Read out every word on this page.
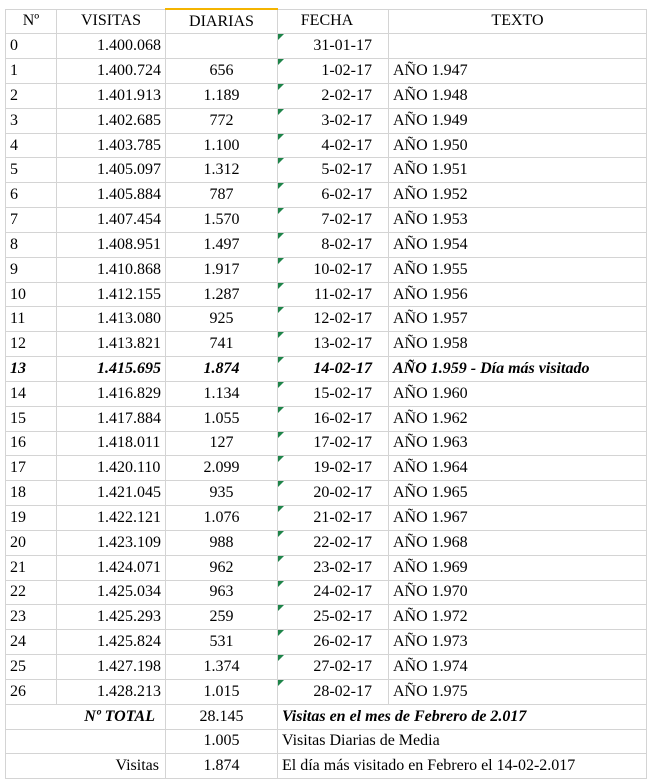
Nº	VISITAS	DIARIAS	FECHA	TEXTO
0	1.400.068		31-01-17	
1	1.400.724	656	1-02-17	AÑO 1.947
2	1.401.913	1.189	2-02-17	AÑO 1.948
3	1.402.685	772	3-02-17	AÑO 1.949
4	1.403.785	1.100	4-02-17	AÑO 1.950
5	1.405.097	1.312	5-02-17	AÑO 1.951
6	1.405.884	787	6-02-17	AÑO 1.952
7	1.407.454	1.570	7-02-17	AÑO 1.953
8	1.408.951	1.497	8-02-17	AÑO 1.954
9	1.410.868	1.917	10-02-17	AÑO 1.955
10	1.412.155	1.287	11-02-17	AÑO 1.956
11	1.413.080	925	12-02-17	AÑO 1.957
12	1.413.821	741	13-02-17	AÑO 1.958
13	1.415.695	1.874	14-02-17	AÑO 1.959 - Día más visitado
14	1.416.829	1.134	15-02-17	AÑO 1.960
15	1.417.884	1.055	16-02-17	AÑO 1.962
16	1.418.011	127	17-02-17	AÑO 1.963
17	1.420.110	2.099	19-02-17	AÑO 1.964
18	1.421.045	935	20-02-17	AÑO 1.965
19	1.422.121	1.076	21-02-17	AÑO 1.967
20	1.423.109	988	22-02-17	AÑO 1.968
21	1.424.071	962	23-02-17	AÑO 1.969
22	1.425.034	963	24-02-17	AÑO 1.970
23	1.425.293	259	25-02-17	AÑO 1.972
24	1.425.824	531	26-02-17	AÑO 1.973
25	1.427.198	1.374	27-02-17	AÑO 1.974
26	1.428.213	1.015	28-02-17	AÑO 1.975
Nº TOTAL		28.145	Visitas en el mes de Febrero de 2.017	
		1.005	Visitas Diarias de Media	
Visitas		1.874	El día más visitado en Febrero el 14-02-2.017	
